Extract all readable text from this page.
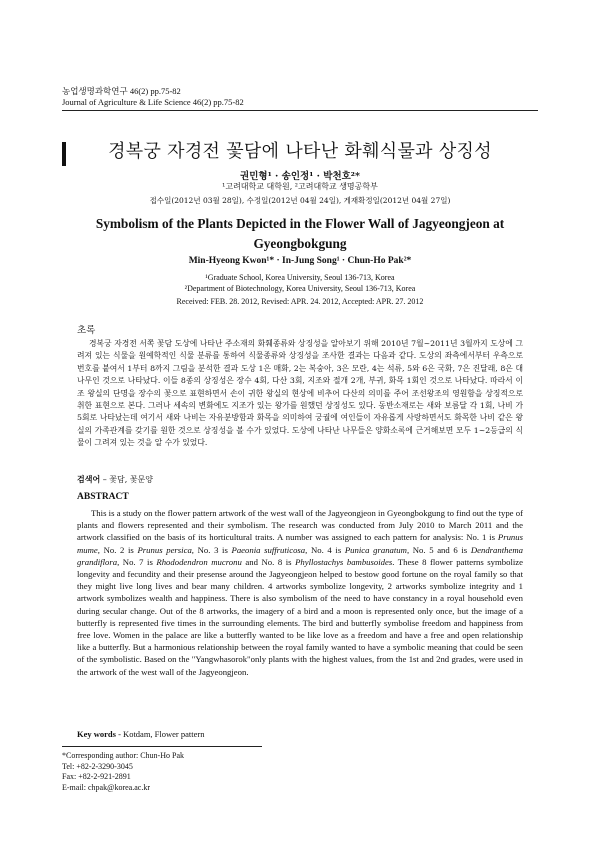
농업생명과학연구 46(2) pp.75-82
Journal of Agriculture & Life Science 46(2) pp.75-82
경복궁 자경전 꽃담에 나타난 화훼식물과 상징성
권민형¹ · 송인정¹ · 박천호²*
¹고려대학교 대학원, ²고려대학교 생명공학부
접수일(2012년 03월 28일), 수정일(2012년 04월 24일), 게재확정일(2012년 04월 27일)
Symbolism of the Plants Depicted in the Flower Wall of Jagyeongjeon at Gyeongbokgung
Min-Hyeong Kwon¹* · In-Jung Song¹ · Chun-Ho Pak²*
¹Graduate School, Korea University, Seoul 136-713, Korea
²Department of Biotechnology, Korea University, Seoul 136-713, Korea
Received: FEB. 28. 2012, Revised: APR. 24. 2012, Accepted: APR. 27. 2012
초록
경복궁 자경전 서쪽 꽃담 도상에 나타난 주소재의 화훼종류와 상징성을 알아보기 위해 2010년 7월~2011년 3월까지 도상에 그려져 있는 식물을 원예학적인 식물 분류를 통하여 식물종류와 상징성을 조사한 결과는 다음과 같다. 도상의 좌측에서부터 우측으로 번호를 붙여서 1부터 8까지 그림을 분석한 결과 도상 1은 매화, 2는 복숭아, 3은 모란, 4는 석류, 5와 6은 국화, 7은 진달래, 8은 대나무인 것으로 나타났다. 이들 8종의 상징성은 장수 4회, 다산 3회, 지조와 절개 2개, 부귀, 화목 1회인 것으로 나타났다. 따라서 이조 왕실의 단명을 장수의 꽃으로 표현하면서 손이 귀한 왕실의 현상에 비추어 다산의 의미를 주어 조선왕조의 영원함을 상징적으로 취한 표현으로 본다. 그러나 세속의 변화에도 지조가 있는 왕가를 원했던 상징성도 있다. 동반소재로는 새와 보름달 각 1회, 나비 가 5회로 나타났는데 여기서 새와 나비는 자유분방함과 화목을 의미하여 궁궐에 여인들이 자유롭게 사랑하면서도 화목한 나비 같은 왕실의 가족관계를 갖기를 원한 것으로 상징성을 볼 수가 있었다. 도상에 나타난 나무들은 양화소록에 근거해보면 모두 1~2등급의 식물이 그려져 있는 것을 알 수가 있었다.
검색어 – 꽃담, 꽃문양
ABSTRACT
This is a study on the flower pattern artwork of the west wall of the Jagyeongjeon in Gyeongbokgung to find out the type of plants and flowers represented and their symbolism. The research was conducted from July 2010 to March 2011 and the artwork classified on the basis of its horticultural traits. A number was assigned to each pattern for analysis: No. 1 is Prunus mume, No. 2 is Prunus persica, No. 3 is Paeonia suffruticosa, No. 4 is Punica granatum, No. 5 and 6 is Dendranthema grandiflora, No. 7 is Rhododendron mucronu and No. 8 is Phyllostachys bambusoides. These 8 flower patterns symbolize longevity and fecundity and their presense around the Jagyeongjeon helped to bestow good fortune on the royal family so that they might live long lives and bear many children. 4 artworks symbolize longevity, 2 artworks symbolize integrity and 1 artwork symbolizes wealth and happiness. There is also symbolism of the need to have constancy in a royal household even during secular change. Out of the 8 artworks, the imagery of a bird and a moon is represented only once, but the image of a butterfly is represented five times in the surrounding elements. The bird and butterfly symbolise freedom and happiness from free love. Women in the palace are like a butterfly wanted to be like love as a freedom and have a free and open relationship like a butterfly. But a harmonious relationship between the royal family wanted to have a symbolic meaning that could be seen of the symbolistic. Based on the "Yangwhasorok"only plants with the highest values, from the 1st and 2nd grades, were used in the artwork of the west wall of the Jagyeongjeon.
Key words - Kotdam, Flower pattern
*Corresponding author: Chun-Ho Pak
Tel: +82-2-3290-3045
Fax: +82-2-921-2891
E-mail: chpak@korea.ac.kr
